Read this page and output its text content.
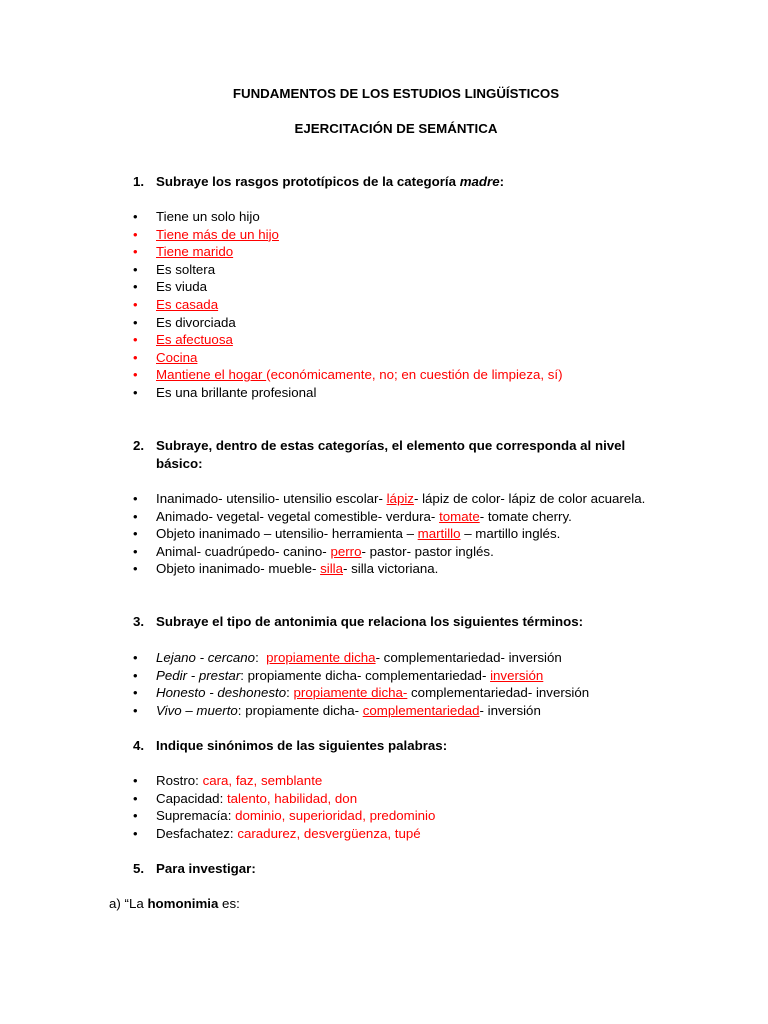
FUNDAMENTOS DE LOS ESTUDIOS LINGÜÍSTICOS
EJERCITACIÓN DE SEMÁNTICA
1. Subraye los rasgos prototípicos de la categoría madre:
• Tiene un solo hijo
• Tiene más de un hijo
• Tiene marido
• Es soltera
• Es viuda
• Es casada
• Es divorciada
• Es afectuosa
• Cocina
• Mantiene el hogar (económicamente, no; en cuestión de limpieza, sí)
• Es una brillante profesional
2. Subraye, dentro de estas categorías, el elemento que corresponda al nivel básico:
• Inanimado- utensilio- utensilio escolar- lápiz- lápiz de color- lápiz de color acuarela.
• Animado- vegetal- vegetal comestible- verdura- tomate- tomate cherry.
• Objeto inanimado – utensilio- herramienta – martillo – martillo inglés.
• Animal- cuadrúpedo- canino- perro- pastor- pastor inglés.
• Objeto inanimado- mueble- silla- silla victoriana.
3. Subraye el tipo de antonimia que relaciona los siguientes términos:
• Lejano - cercano:  propiamente dicha- complementariedad- inversión
• Pedir - prestar: propiamente dicha- complementariedad- inversión
• Honesto - deshonesto: propiamente dicha- complementariedad- inversión
• Vivo – muerto: propiamente dicha- complementariedad- inversión
4. Indique sinónimos de las siguientes palabras:
• Rostro: cara, faz, semblante
• Capacidad: talento, habilidad, don
• Supremacía: dominio, superioridad, predominio
• Desfachatez: caradurez, desvergüenza, tupé
5. Para investigar:
a) “La homonimia es:
